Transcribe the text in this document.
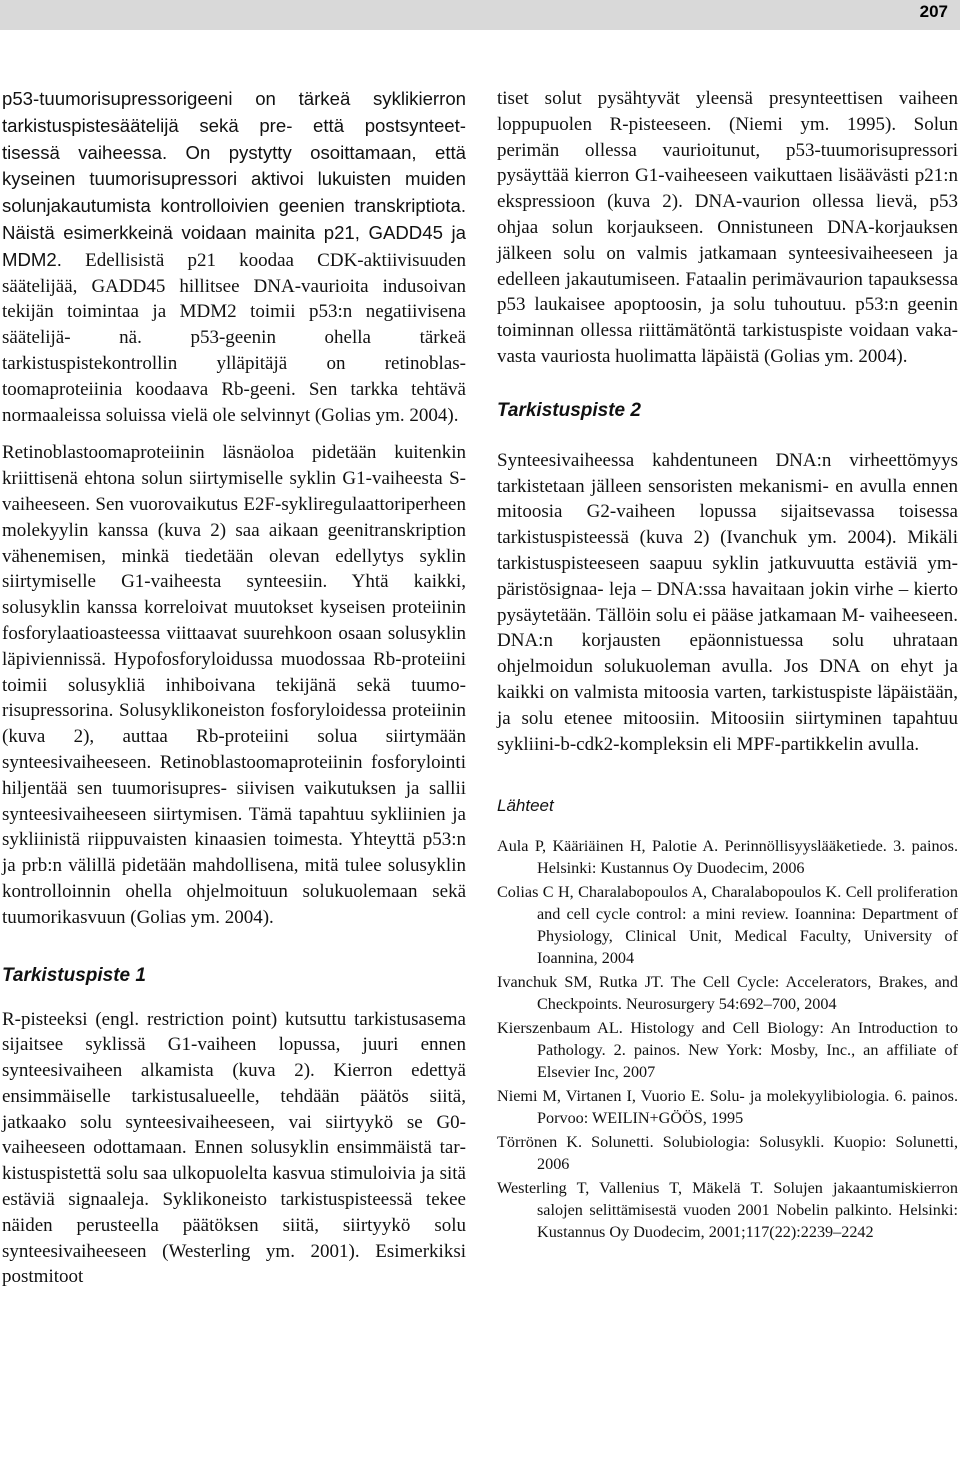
207

p53-tuumorisupressorigeeni on tärkeä syklikierron tarkistuspistesäätelijä sekä pre- että postsynteet- tisessä vaiheessa. On pystytty osoittamaan, että kyseinen tuumorisupressori aktivoi lukuisten muiden solunjakautumista kontrolloivien geenien transkriptiota. Näistä esimerkkeinä voidaan mainita p21, GADD45 ja MDM2. Edellisistä p21 koodaa CDK-aktiivisuuden säätelijää, GADD45 hillitsee DNA-vaurioita indusoivan tekijän toimintaa ja MDM2 toimii p53:n negatiivisena säätelijä- nä. p53-geenin ohella tärkeä tarkistuspistekontrollin ylläpitäjä on retinoblastoomaproteiinia koodaava Rb-geeni. Sen tarkka tehtävä normaaleissa soluissa vielä ole selvinnyt (Golias ym. 2004).

Retinoblastoomaproteiinin läsnäoloa pidetään kuitenkin kriittisenä ehtona solun siirtymiselle syklin G1-vaiheesta S-vaiheeseen. Sen vuorovaikutus E2F-sykliregulaattoriperheen molekyylin kanssa (kuva 2) saa aikaan geenitranskription vähenemisen, minkä tiedetään olevan edellytys syklin siirtymiselle G1-vaiheesta synteesiin. Yhtä kaikki, solusyklin kanssa korreloivat muutokset kyseisen proteiinin fosforylaatioasteessa viittaavat suurehkoon osaan solusyklin läpiviennissä. Hypofosforyloidussa muodossaa Rb-proteiini toimii solusykliä inhiboivana tekijänä sekä tuumo- risupressorina. Solusyklikoneiston fosforyloidessa proteiinin (kuva 2), auttaa Rb-proteiini solua siirtymään synteesivaiheeseen. Retinoblastoomaproteiinin fosforylointi hiljentää sen tuumorisupres- siivisen vaikutuksen ja sallii synteesivaiheeseen siirtymisen. Tämä tapahtuu sykliinien ja sykliinistä riippuvaisten kinaasien toimesta. Yhteyttä p53:n ja prb:n välillä pidetään mahdollisena, mitä tulee solusyklin kontrolloinnin ohella ohjelmoituun solukuolemaan sekä tuumorikasvuun (Golias ym. 2004).

Tarkistuspiste 1

R-pisteeksi (engl. restriction point) kutsuttu tarkistusasema sijaitsee syklissä G1-vaiheen lopussa, juuri ennen synteesivaiheen alkamista (kuva 2). Kierron edettyä ensimmäiselle tarkistusalueelle, tehdään päätös siitä, jatkaako solu synteesivaiheeseen, vai siirtyykö se G0-vaiheeseen odottamaan. Ennen solusyklin ensimmäistä tarkistuspistettä solu saa ulkopuolelta kasvua stimuloivia ja sitä estäviä signaaleja. Syklikoneisto tarkistuspisteessä tekee näiden perusteella päätöksen siitä, siirtyykö solu synteesivaiheeseen (Westerling ym. 2001). Esimerkiksi postmitoot

tiset solut pysähtyvät yleensä presynteettisen vaiheen loppupuolen R-pisteeseen. (Niemi ym. 1995). Solun perimän ollessa vaurioitunut, p53-tuumorisupressori pysäyttää kierron G1-vaiheeseen vaikuttaen lisäävästi p21:n ekspressioon (kuva 2). DNA-vaurion ollessa lievä, p53 ohjaa solun korjaukseen. Onnistuneen DNA-korjauksen jälkeen solu on valmis jatkamaan synteesivaiheeseen ja edelleen jakautumiseen. Fataalin perimävaurion tapauksessa p53 laukaisee apoptoosin, ja solu tuhoutuu. p53:n geenin toiminnan ollessa riittämätöntä tarkistuspiste voidaan vakavasta vauriosta huolimatta läpäistä (Golias ym. 2004).

Tarkistuspiste 2

Synteesivaiheessa kahdentuneen DNA:n virheettömyys tarkistetaan jälleen sensoristen mekanismi- en avulla ennen mitoosia G2-vaiheen lopussa sijaitsevassa toisessa tarkistuspisteessä (kuva 2) (Ivanchuk ym. 2004). Mikäli tarkistuspisteeseen saapuu syklin jatkuvuutta estäviä ympäristösignaa- leja – DNA:ssa havaitaan jokin virhe – kierto pysäytetään. Tällöin solu ei pääse jatkamaan M- vaiheeseen. DNA:n korjausten epäonnistuessa solu uhrataan ohjelmoidun solukuoleman avulla. Jos DNA on ehyt ja kaikki on valmista mitoosia varten, tarkistuspiste läpäistään, ja solu etenee mitoosiin. Mitoosiin siirtyminen tapahtuu sykliini-b-cdk2-kompleksin eli MPF-partikkelin avulla.

Lähteet
Aula P, Kääriäinen H, Palotie A. Perinnöllisyyslääketiede. 3. painos. Helsinki: Kustannus Oy Duodecim, 2006
Colias C H, Charalabopoulos A, Charalabopoulos K. Cell proliferation and cell cycle control: a mini review. Ioannina: Department of Physiology, Clinical Unit, Medical Faculty, University of Ioannina, 2004
Ivanchuk SM, Rutka JT. The Cell Cycle: Accelerators, Brakes, and Checkpoints. Neurosurgery 54:692–700, 2004
Kierszenbaum AL. Histology and Cell Biology: An Introduction to Pathology. 2. painos. New York: Mosby, Inc., an affiliate of Elsevier Inc, 2007
Niemi M, Virtanen I, Vuorio E. Solu- ja molekyylibiologia. 6. painos. Porvoo: WEILIN+GÖÖS, 1995
Törrönen K. Solunetti. Solubiologia: Solusykli. Kuopio: Solunetti, 2006
Westerling T, Vallenius T, Mäkelä T. Solujen jakaantumiskierron salojen selittämisestä vuoden 2001 Nobelin palkinto. Helsinki: Kustannus Oy Duodecim, 2001;117(22):2239–2242
